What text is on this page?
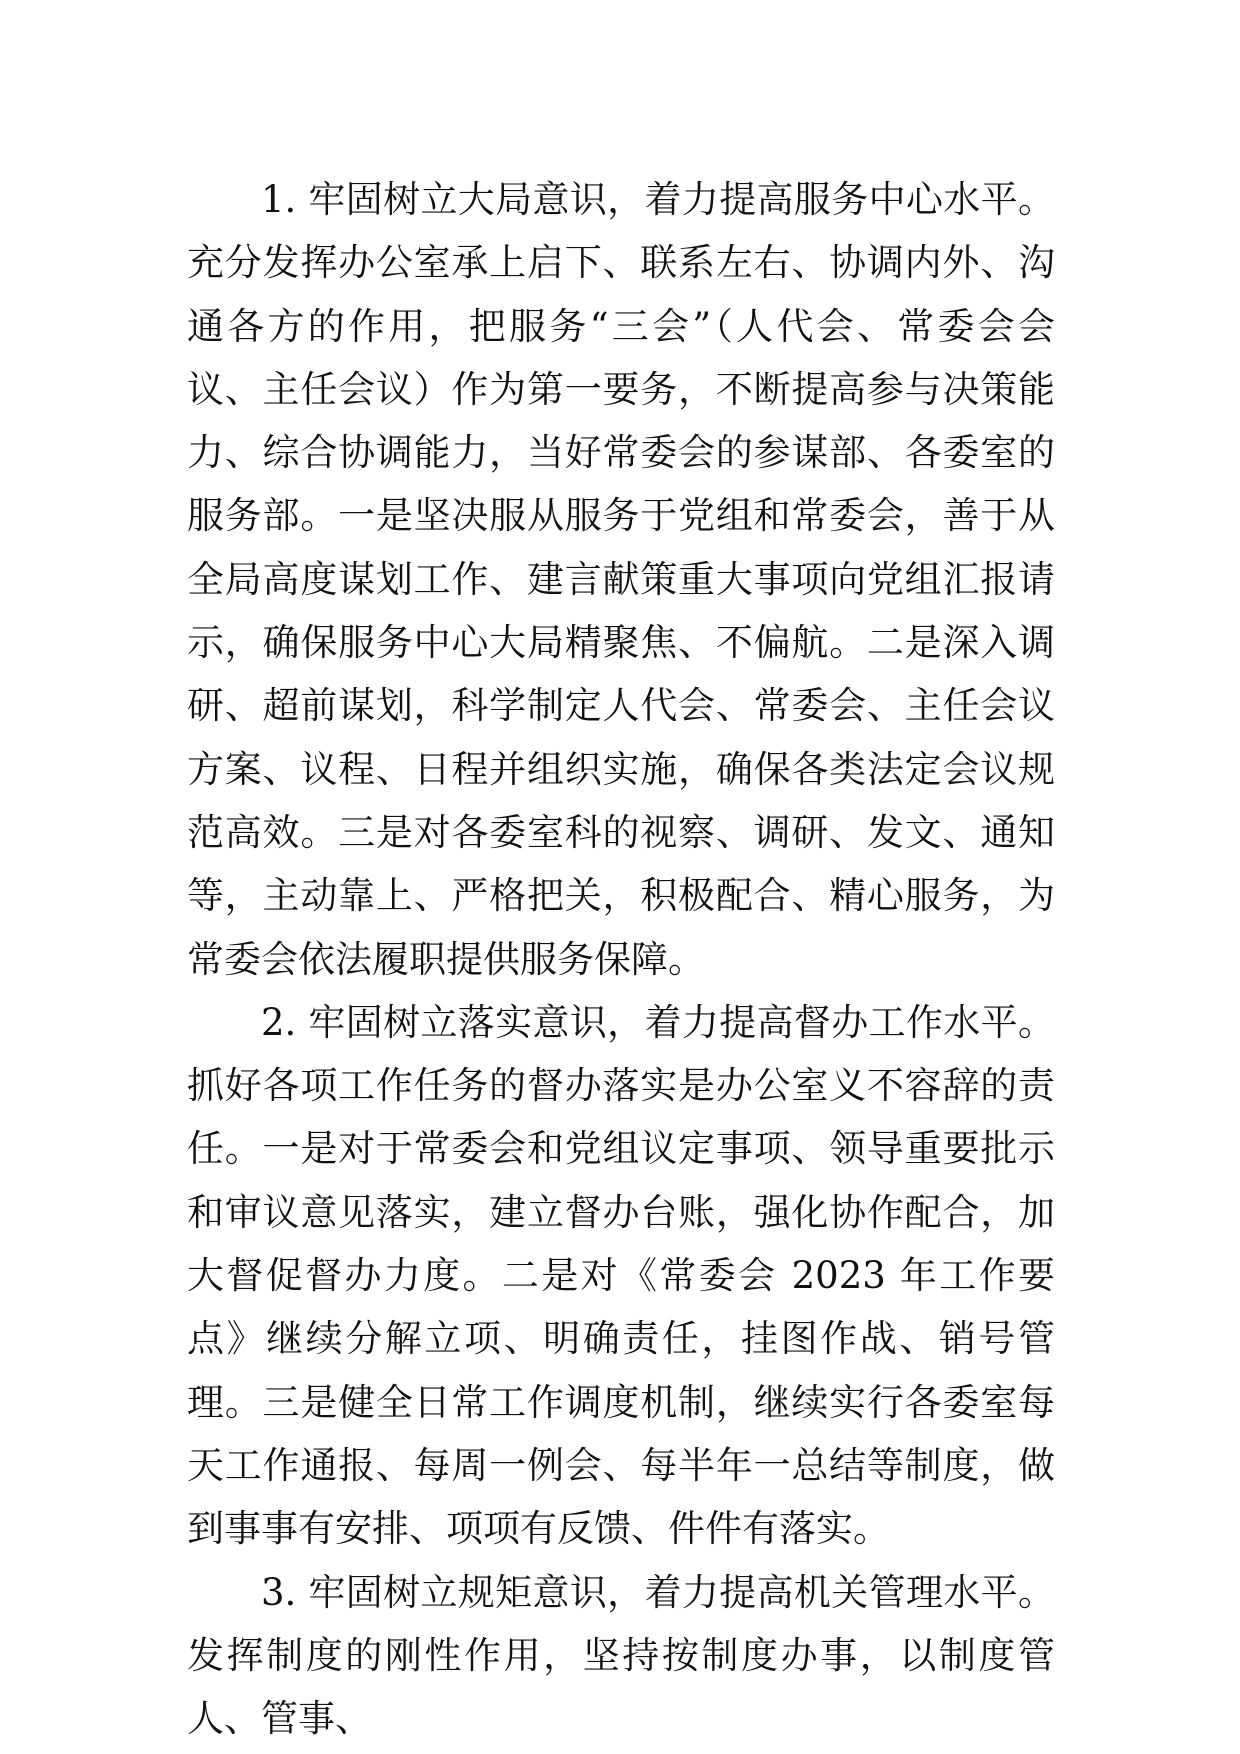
1. 牢固树立大局意识，着力提高服务中心水平。充分发挥办公室承上启下、联系左右、协调内外、沟通各方的作用，把服务“三会”（人代会、常委会会议、主任会议）作为第一要务，不断提高参与决策能力、综合协调能力，当好常委会的参谋部、各委室的服务部。一是坚决服从服务于党组和常委会，善于从全局高度谋划工作、建言献策重大事项向党组汇报请示，确保服务中心大局精聚焦、不偏航。二是深入调研、超前谋划，科学制定人代会、常委会、主任会议方案、议程、日程并组织实施，确保各类法定会议规范高效。三是对各委室科的视察、调研、发文、通知等，主动靠上、严格把关，积极配合、精心服务，为常委会依法履职提供服务保障。

2. 牢固树立落实意识，着力提高督办工作水平。抓好各项工作任务的督办落实是办公室义不容辞的责任。一是对于常委会和党组议定事项、领导重要批示和审议意见落实，建立督办台账，强化协作配合，加大督促督办力度。二是对《常委会 2023 年工作要点》继续分解立项、明确责任，挂图作战、销号管理。三是健全日常工作调度机制，继续实行各委室每天工作通报、每周一例会、每半年一总结等制度，做到事事有安排、项项有反馈、件件有落实。

3. 牢固树立规矩意识，着力提高机关管理水平。发挥制度的刚性作用，坚持按制度办事，以制度管人、管事、
